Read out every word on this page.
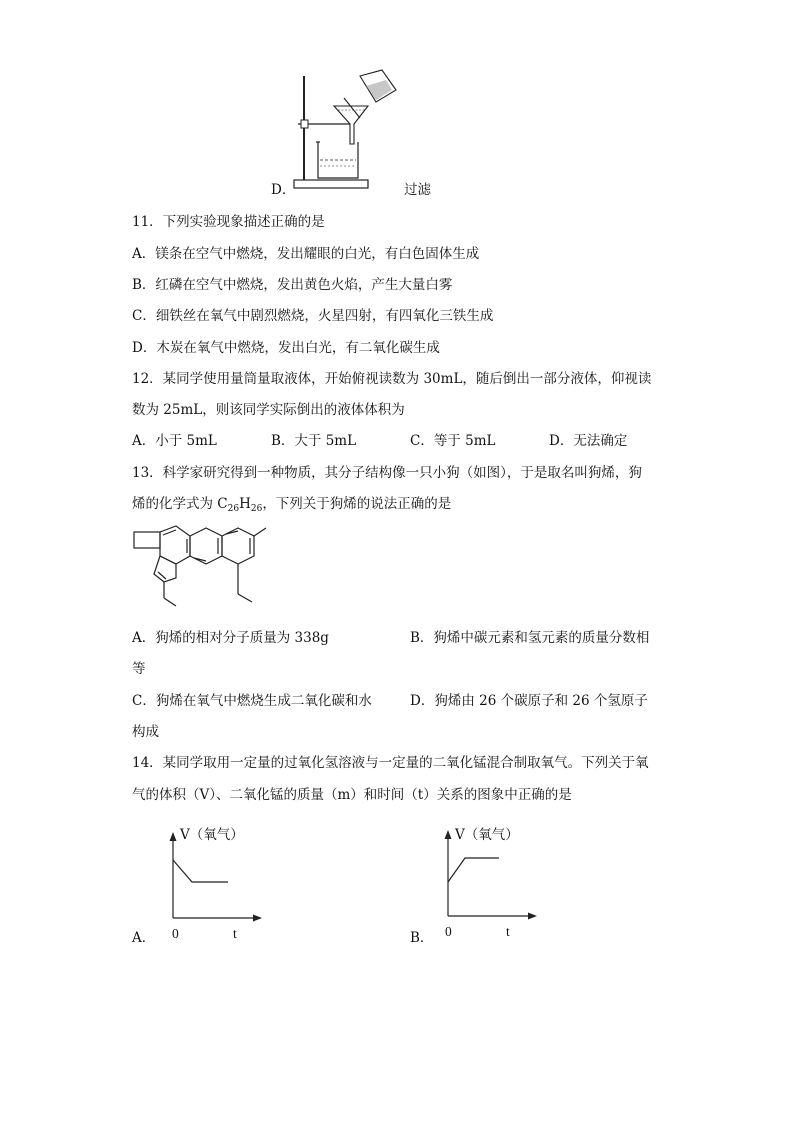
D．	过滤
11．下列实验现象描述正确的是
A．镁条在空气中燃烧，发出耀眼的白光，有白色固体生成
B．红磷在空气中燃烧，发出黄色火焰，产生大量白雾
C．细铁丝在氧气中剧烈燃烧，火星四射，有四氧化三铁生成
D．木炭在氧气中燃烧，发出白光，有二氧化碳生成
12．某同学使用量筒量取液体，开始俯视读数为 30mL，随后倒出一部分液体，仰视读
数为 25mL，则该同学实际倒出的液体体积为
A．小于 5mL	B．大于 5mL	C．等于 5mL	D．无法确定
13．科学家研究得到一种物质，其分子结构像一只小狗（如图），于是取名叫狗烯，狗
烯的化学式为 $C_{26}H_{26}$，下列关于狗烯的说法正确的是
A．狗烯的相对分子质量为 338g	B．狗烯中碳元素和氢元素的质量分数相
等
C．狗烯在氧气中燃烧生成二氧化碳和水	D．狗烯由 26 个碳原子和 26 个氢原子
构成
14．某同学取用一定量的过氧化氢溶液与一定量的二氧化锰混合制取氧气。下列关于氧
气的体积（V）、二氧化锰的质量（m）和时间（t）关系的图象中正确的是
V（氧气）
0	t
A．
V（氧气）
0	t
B．
